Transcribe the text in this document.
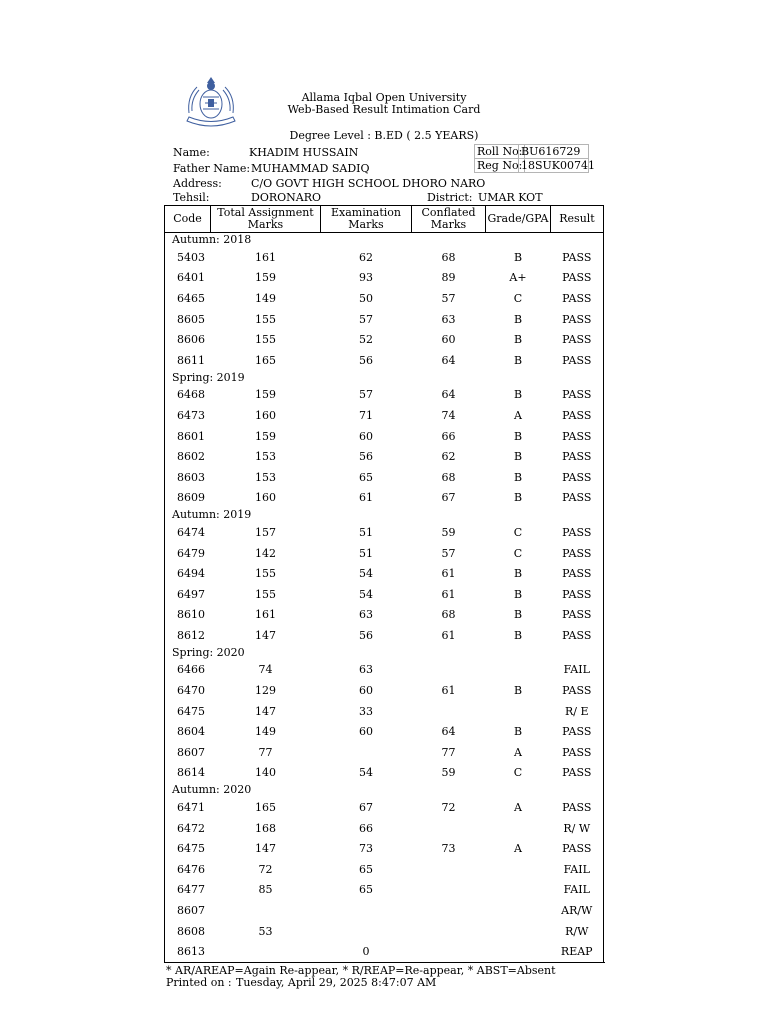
Allama Iqbal Open University
Web-Based Result Intimation Card
Degree Level : B.ED ( 2.5 YEARS)
Name:	KHADIM HUSSAIN
Father Name: MUHAMMAD SADIQ
Address:	C/O GOVT HIGH SCHOOL DHORO NARO
Tehsil:	DORONARO	District: UMAR KOT
Roll No:
BU616729
Reg No:
18SUK00741
Code	Total Assignment Marks	Examination Marks	Conflated Marks	Grade/GPA	Result
Autumn: 2018					
5403	161	62	68	B	PASS
6401	159	93	89	A+	PASS
6465	149	50	57	C	PASS
8605	155	57	63	B	PASS
8606	155	52	60	B	PASS
8611	165	56	64	B	PASS
Spring: 2019					
6468	159	57	64	B	PASS
6473	160	71	74	A	PASS
8601	159	60	66	B	PASS
8602	153	56	62	B	PASS
8603	153	65	68	B	PASS
8609	160	61	67	B	PASS
Autumn: 2019					
6474	157	51	59	C	PASS
6479	142	51	57	C	PASS
6494	155	54	61	B	PASS
6497	155	54	61	B	PASS
8610	161	63	68	B	PASS
8612	147	56	61	B	PASS
Spring: 2020					
6466	74	63			FAIL
6470	129	60	61	B	PASS
6475	147	33			R/ E
8604	149	60	64	B	PASS
8607	77		77	A	PASS
8614	140	54	59	C	PASS
Autumn: 2020					
6471	165	67	72	A	PASS
6472	168	66			R/ W
6475	147	73	73	A	PASS
6476	72	65			FAIL
6477	85	65			FAIL
8607					AR/W
8608	53				R/W
8613		0			REAP
* AR/AREAP=Again Re-appear, * R/REAP=Re-appear, * ABST=Absent
Printed on : Tuesday, April 29, 2025 8:47:07 AM
